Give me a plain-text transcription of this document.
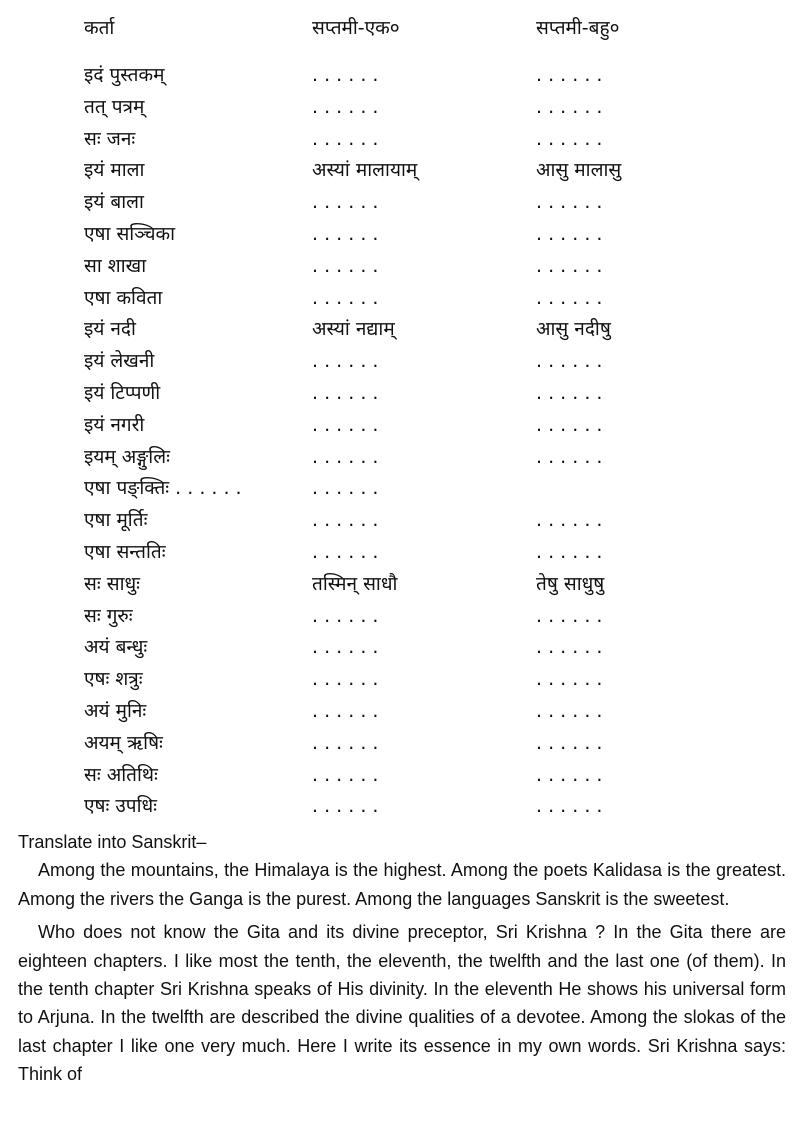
कर्ता	सप्तमी-एक०	सप्तमी-बहु०
इदं पुस्तकम्	. . . . . .	. . . . . .
तत् पत्रम्	. . . . . .	. . . . . .
सः जनः	. . . . . .	. . . . . .
इयं माला	अस्यां मालायाम्	आसु मालासु
इयं बाला	. . . . . .	. . . . . .
एषा सञ्चिका	. . . . . .	. . . . . .
सा शाखा	. . . . . .	. . . . . .
एषा कविता	. . . . . .	. . . . . .
इयं नदी	अस्यां नद्याम्	आसु नदीषु
इयं लेखनी	. . . . . .	. . . . . .
इयं टिप्पणी	. . . . . .	. . . . . .
इयं नगरी	. . . . . .	. . . . . .
इयम् अङ्गुलिः	. . . . . .	. . . . . .
एषा पङ्क्तिः . . . . . .	. . . . . .
एषा मूर्तिः	. . . . . .	. . . . . .
एषा सन्ततिः	. . . . . .	. . . . . .
सः साधुः	तस्मिन् साधौ	तेषु साधुषु
सः गुरुः	. . . . . .	. . . . . .
अयं बन्धुः	. . . . . .	. . . . . .
एषः शत्रुः	. . . . . .	. . . . . .
अयं मुनिः	. . . . . .	. . . . . .
अयम् ऋषिः	. . . . . .	. . . . . .
सः अतिथिः	. . . . . .	. . . . . .
एषः उपधिः	. . . . . .	. . . . . .

Translate into Sanskrit–

Among the mountains, the Himalaya is the highest. Among the poets Kalidasa is the greatest. Among the rivers the Ganga is the purest. Among the languages Sanskrit is the sweetest.

Who does not know the Gita and its divine preceptor, Sri Krishna ? In the Gita there are eighteen chapters. I like most the tenth, the eleventh, the twelfth and the last one (of them). In the tenth chapter Sri Krishna speaks of His divinity. In the eleventh He shows his universal form to Arjuna. In the twelfth are described the divine qualities of a devotee. Among the slokas of the last chapter I like one very much. Here I write its essence in my own words. Sri Krishna says: Think of
